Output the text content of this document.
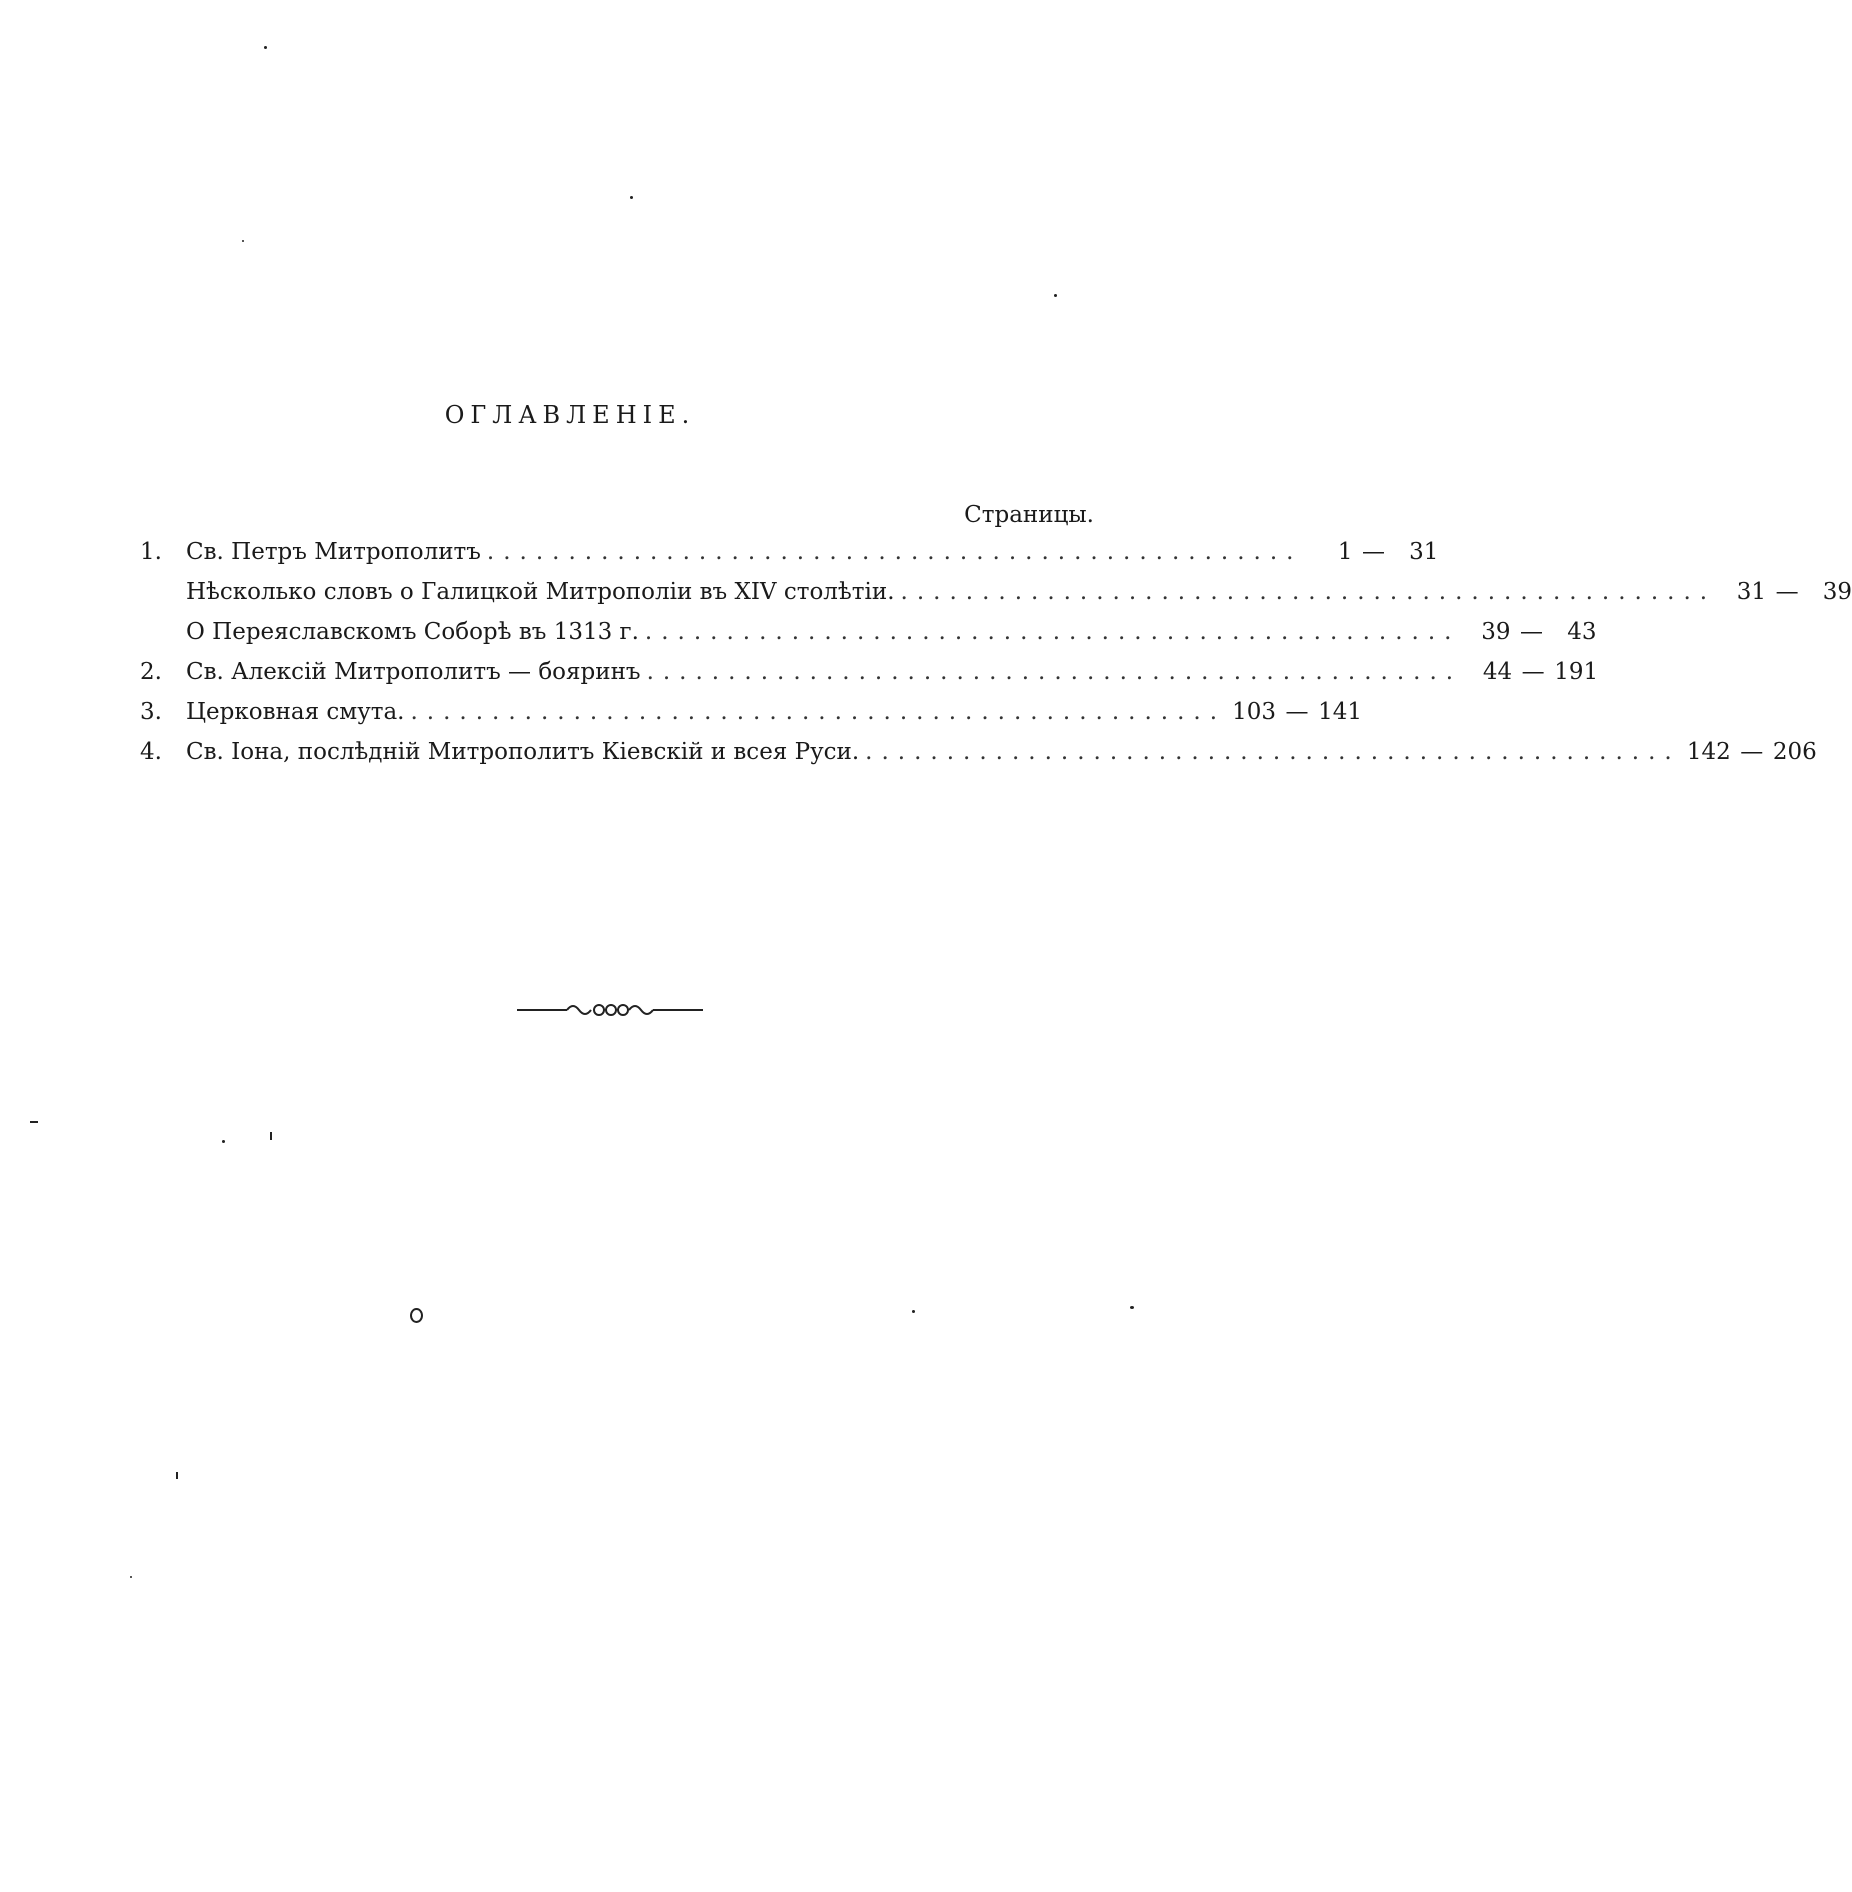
ОГЛАВЛЕНІЕ.
Страницы.
1.	Св. Петръ Митрополитъ ..................................................	1 —	31
Нѣсколько словъ о Галицкой Митрополіи въ XIV столѣтіи. .................................................. 31 —	39
О Переяславскомъ Соборѣ въ 1313 г. .................................................. 39 —	43
2.	Св. Алексій Митрополитъ — бояринъ .................................................. 44 — 191
3.	Церковная смута. .................................................. 103 — 141
4.	Св. Іона, послѣдній Митрополитъ Кіевскій и всея Руси. .................................................. 142 — 206
